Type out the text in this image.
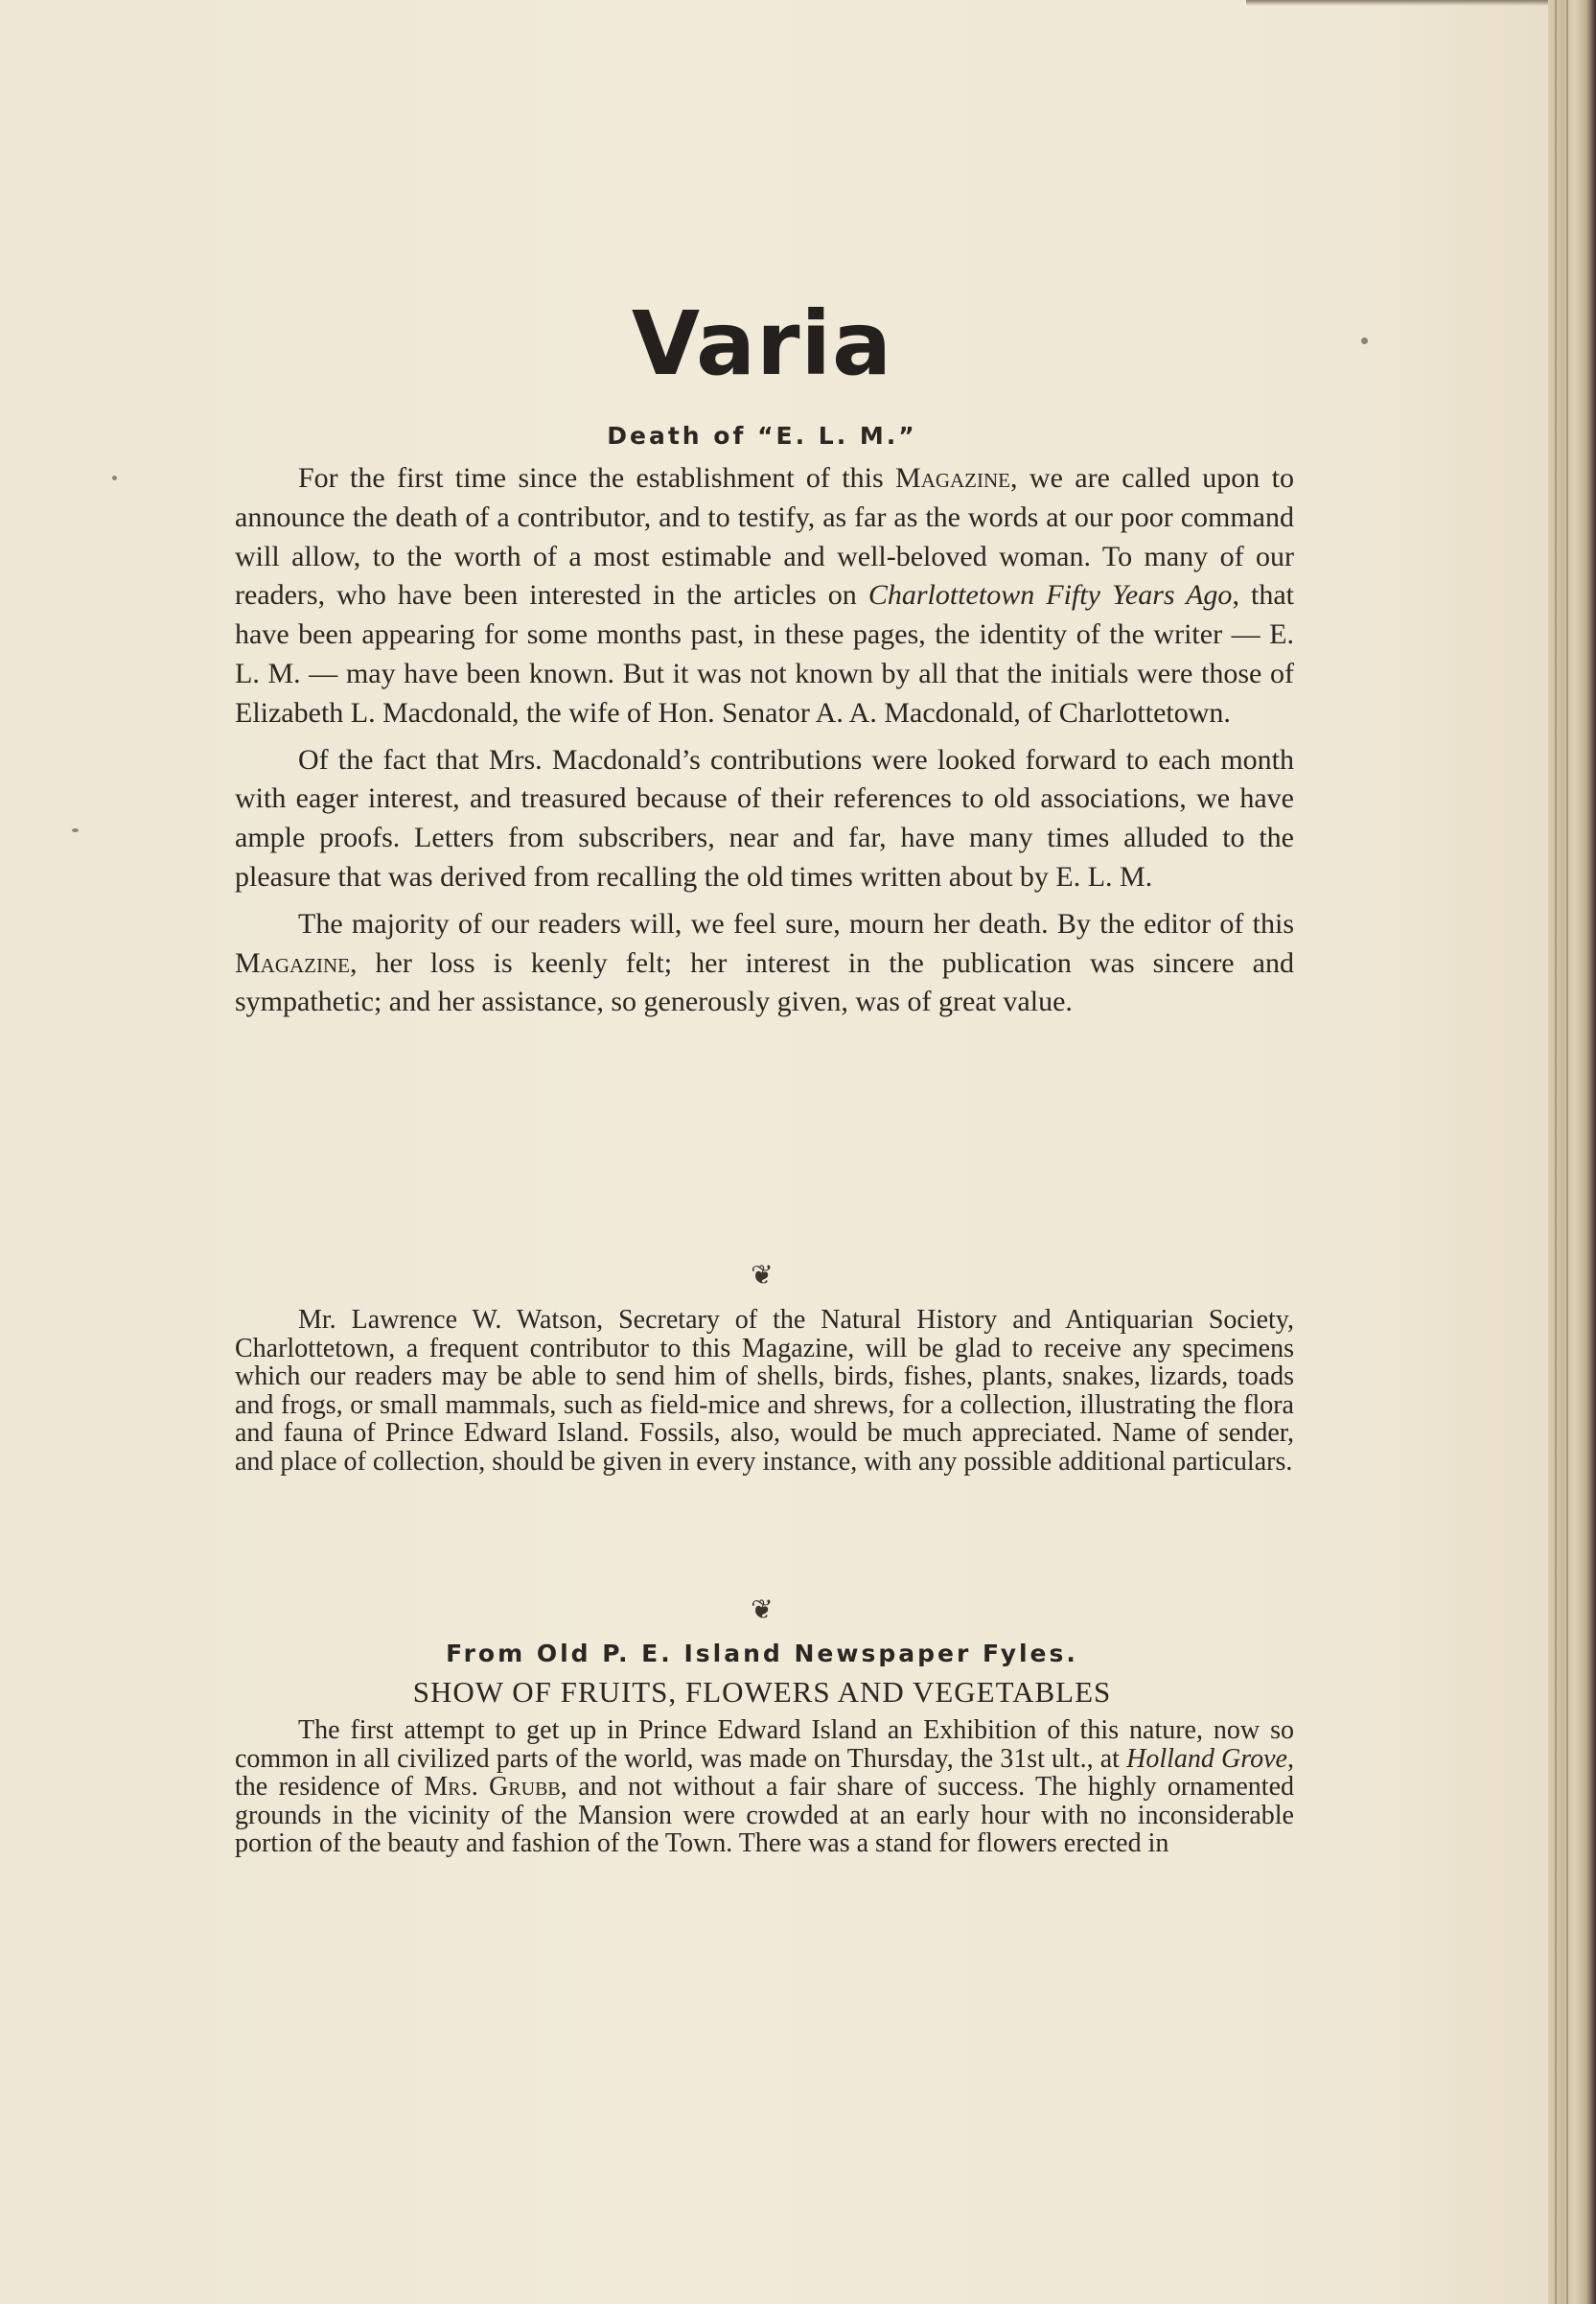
Varia
Death of “E. L. M.”

For the first time since the establishment of this Magazine, we are called upon to announce the death of a contributor, and to testify, as far as the words at our poor command will allow, to the worth of a most estimable and well-beloved woman. To many of our readers, who have been interested in the articles on Charlottetown Fifty Years Ago, that have been appearing for some months past, in these pages, the identity of the writer — E. L. M. — may have been known. But it was not known by all that the initials were those of Elizabeth L. Macdonald, the wife of Hon. Senator A. A. Macdonald, of Charlottetown.

Of the fact that Mrs. Macdonald’s contributions were looked forward to each month with eager interest, and treasured because of their references to old associations, we have ample proofs. Letters from subscribers, near and far, have many times alluded to the pleasure that was derived from recalling the old times written about by E. L. M.

The majority of our readers will, we feel sure, mourn her death. By the editor of this Magazine, her loss is keenly felt; her interest in the publication was sincere and sympathetic; and her assistance, so generously given, was of great value.

❦

Mr. Lawrence W. Watson, Secretary of the Natural History and Antiquarian Society, Charlottetown, a frequent contributor to this Magazine, will be glad to receive any specimens which our readers may be able to send him of shells, birds, fishes, plants, snakes, lizards, toads and frogs, or small mammals, such as field-mice and shrews, for a collection, illustrating the flora and fauna of Prince Edward Island. Fossils, also, would be much appreciated. Name of sender, and place of collection, should be given in every instance, with any possible additional particulars.

❦
From Old P. E. Island Newspaper Fyles.
SHOW OF FRUITS, FLOWERS AND VEGETABLES

The first attempt to get up in Prince Edward Island an Exhibition of this nature, now so common in all civilized parts of the world, was made on Thursday, the 31st ult., at Holland Grove, the residence of Mrs. Grubb, and not without a fair share of success. The highly ornamented grounds in the vicinity of the Mansion were crowded at an early hour with no inconsiderable portion of the beauty and fashion of the Town. There was a stand for flowers erected in
